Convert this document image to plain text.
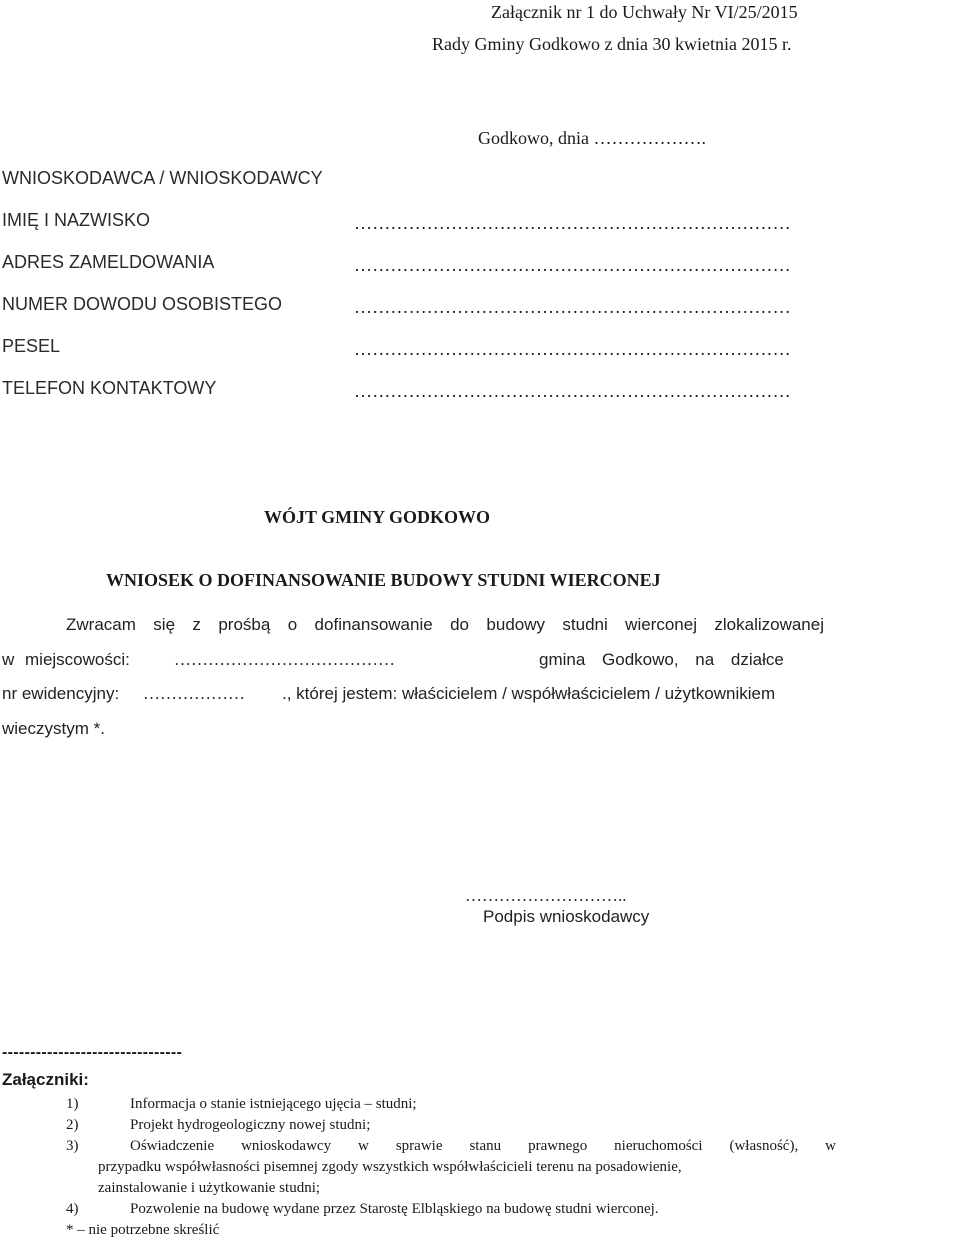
Załącznik nr 1 do Uchwały Nr VI/25/2015
Rady Gminy Godkowo z dnia 30 kwietnia 2015 r.
Godkowo, dnia ……………….
WNIOSKODAWCA / WNIOSKODAWCY
IMIĘ I NAZWISKO	………………………………………………………………
ADRES ZAMELDOWANIA	………………………………………………………………
NUMER DOWODU OSOBISTEGO	………………………………………………………………
PESEL	………………………………………………………………
TELEFON KONTAKTOWY	………………………………………………………………
WÓJT GMINY GODKOWO
WNIOSEK O DOFINANSOWANIE BUDOWY STUDNI WIERCONEJ
Zwracam się z prośbą o dofinansowanie do budowy studni wierconej zlokalizowanej
w miejscowości:	…………………………………	gmina Godkowo, na działce
nr ewidencyjny: ……………… ., której jestem: właścicielem / współwłaścicielem / użytkownikiem
wieczystym *.
………………………..
Podpis wnioskodawcy
--------------------------------
Załączniki:
1)	Informacja o stanie istniejącego ujęcia – studni;
2)	Projekt hydrogeologiczny nowej studni;
3)	Oświadczenie wnioskodawcy w sprawie stanu prawnego nieruchomości (własność), w
przypadku współwłasności pisemnej zgody wszystkich współwłaścicieli terenu na posadowienie,
zainstalowanie i użytkowanie studni;
4)	Pozwolenie na budowę wydane przez Starostę Elbląskiego na budowę studni wierconej.
* – nie potrzebne skreślić
